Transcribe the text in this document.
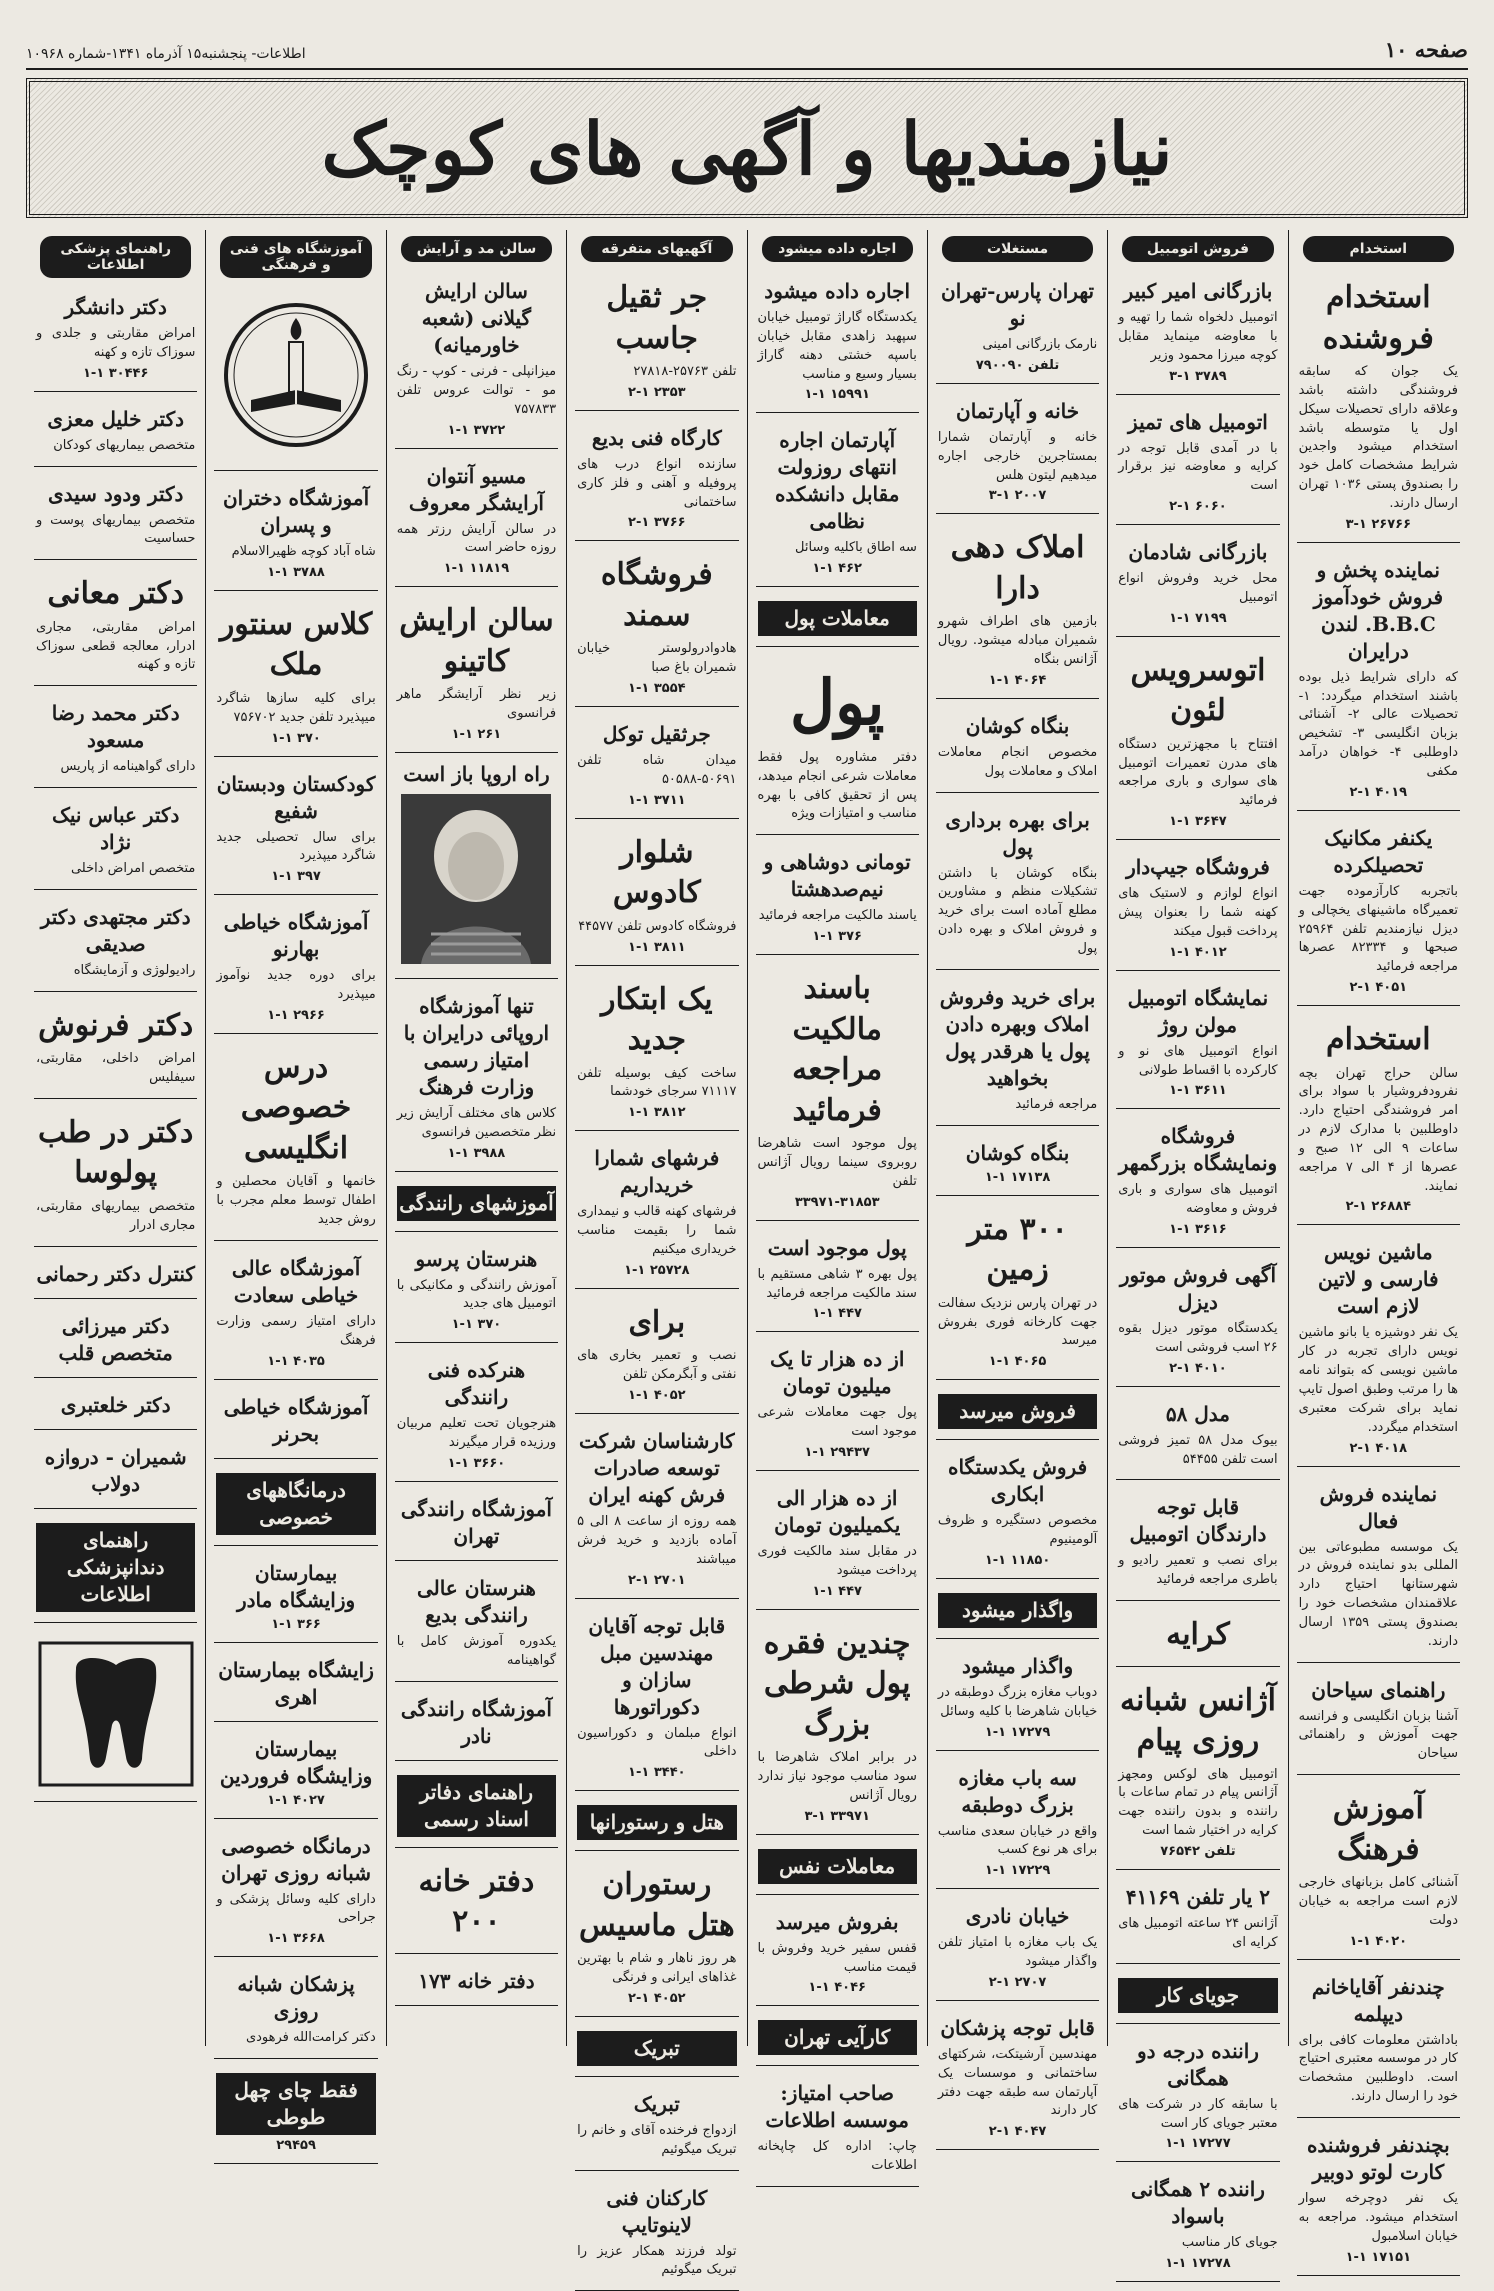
صفحه ۱۰
اطلاعات- پنجشنبه۱۵ آذرماه ۱۳۴۱-شماره ۱۰۹۶۸
نیازمندیها و آگهی های کوچک
استخدام
استخدام فروشنده
یک جوان که سابقه فروشندگی داشته باشد وعلاقه دارای تحصیلات سیکل اول یا متوسطه باشد استخدام میشود واجدین شرایط مشخصات کامل خود را بصندوق پستی ۱۰۳۶ تهران ارسال دارند.
۲۶۷۶۶ ۳-۱
نماینده پخش و فروش خودآموز B.B.C. لندن درایران
که دارای شرایط ذیل بوده باشند استخدام میگردد: ۱- تحصیلات عالی ۲- آشنائی بزبان انگلیسی ۳- تشخیص داوطلبی ۴- خواهان درآمد مکفی
۴۰۱۹ ۲-۱
یکنفر مکانیک تحصیلکرده
باتجربه کارآزموده جهت تعمیرگاه ماشینهای یخچالی و دیزل نیازمندیم تلفن ۲۵۹۶۴ صبحها و ۸۲۳۳۴ عصرها مراجعه فرمائید
۴۰۵۱ ۲-۱
استخدام
سالن حراج تهران بچه نفرودفروشیار با سواد برای امر فروشندگی احتیاج دارد. داوطلبین با مدارک لازم در ساعات ۹ الی ۱۲ صبح و عصرها از ۴ الی ۷ مراجعه نمایند.
۲۶۸۸۴ ۲-۱
ماشین نویس فارسی و لاتین لازم است
یک نفر دوشیزه یا بانو ماشین نویس دارای تجربه در کار ماشین نویسی که بتواند نامه ها را مرتب وطبق اصول تایپ نماید برای شرکت معتبری استخدام میگردد.
۴۰۱۸ ۲-۱
نماینده فروش فعال
یک موسسه مطبوعاتی بین المللی بدو نماینده فروش در شهرستانها احتیاج دارد علاقمندان مشخصات خود را بصندوق پستی ۱۳۵۹ ارسال دارند.
راهنمای سیاحان
آشنا بزبان انگلیسی و فرانسه جهت آموزش و راهنمائی سیاحان
آموزش فرهنگ
آشنائی کامل بزبانهای خارجی لازم است مراجعه به خیابان دولت
۴۰۲۰ ۱-۱
چندنفر آقایاخانم دیپلمه
باداشتن معلومات کافی برای کار در موسسه معتبری احتیاج است. داوطلبین مشخصات خود را ارسال دارند.
بچندنفر فروشنده کارت لوتو دوبیر
یک نفر دوچرخه سوار استخدام میشود. مراجعه به خیابان اسلامبول
۱۷۱۵۱ ۱-۱
فروش اتومبیل
بازرگانی امیر کبیر
اتومبیل دلخواه شما را تهیه و با معاوضه مینماید مقابل کوچه میرزا محمود وزیر
۳۷۸۹ ۳-۱
اتومبیل های تمیز
با در آمدی قابل توجه در کرایه و معاوضه نیز برقرار است
۶۰۶۰ ۲-۱
بازرگانی شادمان
محل خرید وفروش انواع اتومبیل
۷۱۹۹ ۱-۱
اتوسرویس لئون
افتتاح با مجهزترین دستگاه های مدرن تعمیرات اتومبیل های سواری و باری مراجعه فرمائید
۳۶۴۷ ۱-۱
فروشگاه جیپ‌دار
انواع لوازم و لاستیک های کهنه شما را بعنوان پیش پرداخت قبول میکند
۴۰۱۲ ۱-۱
نمایشگاه اتومبیل مولن روژ
انواع اتومبیل های نو و کارکرده با اقساط طولانی
۳۶۱۱ ۱-۱
فروشگاه ونمایشگاه بزرگمهر
اتومبیل های سواری و باری فروش و معاوضه
۳۶۱۶ ۱-۱
آگهی فروش موتور دیزل
یکدستگاه موتور دیزل بقوه ۲۶ اسب فروشی است
۴۰۱۰ ۲-۱
مدل ۵۸
بیوک مدل ۵۸ تمیز فروشی است تلفن ۵۴۴۵۵
قابل توجه دارندگان اتومبیل
برای نصب و تعمیر رادیو و باطری مراجعه فرمائید
کرایه
آژانس شبانه روزی پیام
اتومبیل های لوکس ومجهز آژانس پیام در تمام ساعات با راننده و بدون راننده جهت کرایه در اختیار شما است
تلفن ۷۶۵۴۲
۲ یار تلفن ۴۱۱۶۹
آژانس ۲۴ ساعته اتومبیل های کرایه ای
جویای کار
راننده درجه دو همگانی
با سابقه کار در شرکت های معتبر جویای کار است
۱۷۲۷۷ ۱-۱
راننده ۲ همگانی باسواد
جویای کار مناسب
۱۷۲۷۸ ۱-۱
مستغلات
تهران پارس-تهران نو
نارمک بازرگانی امینی
تلفن ۷۹۰۰۹۰
خانه و آپارتمان
خانه و آپارتمان شمارا بمستاجرین خارجی اجاره میدهیم لیتون هلس
۲۰۰۷ ۳-۱
املاک دهی دارا
بازمین های اطراف شهرو شمیران مبادله میشود. رویال آژانس بنگاه
۴۰۶۴ ۱-۱
بنگاه کوشان
مخصوص انجام معاملات املاک و معاملات پول
برای بهره برداری پول
بنگاه کوشان با داشتن تشکیلات منظم و مشاورین مطلع آماده است برای خرید و فروش املاک و بهره دادن پول
برای خرید وفروش املاک وبهره دادن پول یا هرقدر پول بخواهید
مراجعه فرمائید
بنگاه کوشان
۱۷۱۳۸ ۱-۱
۳۰۰ متر زمین
در تهران پارس نزدیک سفالت جهت کارخانه فوری بفروش میرسد
۴۰۶۵ ۱-۱
فروش میرسد
فروش یکدستگاه ابکاری
مخصوص دستگیره و ظروف آلومینیوم
۱۱۸۵۰ ۱-۱
واگذار میشود
واگذار میشود
دوباب مغازه بزرگ دوطبقه در خیابان شاهرضا با کلیه وسائل
۱۷۲۷۹ ۱-۱
سه باب مغازه بزرگ دوطبقه
واقع در خیابان سعدی مناسب برای هر نوع کسب
۱۷۲۲۹ ۱-۱
خیابان نادری
یک باب مغازه با امتیاز تلفن واگذار میشود
۲۷۰۷ ۲-۱
قابل توجه پزشکان
مهندسین آرشیتکت، شرکتهای ساختمانی و موسسات یک آپارتمان سه طبقه جهت دفتر کار دارند
۴۰۴۷ ۲-۱
اجاره داده میشود
اجاره داده میشود
یکدستگاه گاراژ تومبیل خیابان سپهبد زاهدی مقابل خیابان باسپه خشتی دهنه گاراژ بسیار وسیع و مناسب
۱۵۹۹۱ ۱-۱
آپارتمان اجاره انتهای روزولت مقابل دانشکده نظامی
سه اطاق باکلیه وسائل
۴۶۲ ۱-۱
معاملات پول
پول
دفتر مشاوره پول فقط معاملات شرعی انجام میدهد، پس از تحقیق کافی با بهره مناسب و امتیازات ویژه
تومانی دوشاهی و نیم‌صدهشتا
یاسند مالکیت مراجعه فرمائید
۳۷۶ ۱-۱
باسند مالکیت مراجعه فرمائید
پول موجود است شاهرضا روبروی سینما رویال آژانس تلفن
۳۳۹۷۱-۳۱۸۵۳
پول موجود است
پول بهره ۳ شاهی مستقیم با سند مالکیت مراجعه فرمائید
۴۴۷ ۱-۱
از ده هزار تا یک میلیون تومان
پول جهت معاملات شرعی موجود است
۲۹۴۳۷ ۱-۱
از ده هزار الی یکمیلیون تومان
در مقابل سند مالکیت فوری پرداخت میشود
۴۴۷ ۱-۱
چندین فقره پول شرطی بزرگ
در برابر املاک شاهرضا با سود مناسب موجود نیاز ندارد رویال آژانس
۳۳۹۷۱ ۳-۱
معاملات نفس
بفروش میرسد
قفس سفیر خرید وفروش با قیمت مناسب
۴۰۴۶ ۱-۱
کارآیی تهران
صاحب امتیاز: موسسه اطلاعات
چاپ: اداره کل چاپخانه اطلاعات
آگهیهای متفرقه
جر ثقیل جاسب
تلفن ۲۵۷۶۳-۲۷۸۱۸
۲۳۵۳ ۲-۱
کارگاه فنی بدیع
سازنده انواع درب های پروفیله و آهنی و فلز کاری ساختمانی
۳۷۶۶ ۲-۱
فروشگاه سمند
هادوادرولوستر خیابان شمیران باغ صبا
۳۵۵۴ ۱-۱
جرثقیل توکل
میدان شاه تلفن ۵۰۶۹۱-۵۰۵۸۸
۳۷۱۱ ۱-۱
شلوار کادوس
فروشگاه کادوس تلفن ۴۴۵۷۷
۳۸۱۱ ۱-۱
یک ابتکار جدید
ساخت کیف بوسیله تلفن ۷۱۱۱۷ سرجای خودشما
۳۸۱۲ ۱-۱
فرشهای شمارا خریداریم
فرشهای کهنه قالب و نیمداری شما را بقیمت مناسب خریداری میکنیم
۲۵۷۲۸ ۱-۱
برای
نصب و تعمیر بخاری های نفتی و آبگرمکن تلفن
۴۰۵۲ ۱-۱
کارشناسان شرکت توسعه صادرات فرش کهنه ایران
همه روزه از ساعت ۸ الی ۵ آماده بازدید و خرید فرش میباشند
۲۷۰۱ ۲-۱
قابل توجه آقایان مهندسین مبل سازان و دکوراتورها
انواع مبلمان و دکوراسیون داخلی
۳۴۴۰ ۱-۱
هتل و رستورانها
رستوران هتل ماسیس
هر روز ناهار و شام با بهترین غذاهای ایرانی و فرنگی
۴۰۵۲ ۲-۱
تبریک
تبریک
ازدواج فرخنده آقای و خانم را تبریک میگوئیم
کارکنان فنی لاینوتایپ
تولد فرزند همکار عزیز را تبریک میگوئیم
سالن مد و آرایش
سالن ارایش گیلانی (شعبه خاورمیانه)
میزانپلی - فرنی - کوپ - رنگ مو - توالت عروس تلفن ۷۵۷۸۳۳
۳۷۲۲ ۱-۱
مسیو آنتوان آرایشگر معروف
در سالن آرایش رزتر همه روزه حاضر است
۱۱۸۱۹ ۱-۱
سالن ارایش کاتینو
زیر نظر آرایشگر ماهر فرانسوی
۲۶۱ ۱-۱
راه اروپا باز است
تنها آموزشگاه اروپائی درایران با امتیاز رسمی وزارت فرهنگ
کلاس های مختلف آرایش زیر نظر متخصصین فرانسوی
۳۹۸۸ ۱-۱
آموزشهای رانندگی
هنرستان پرسو
آموزش رانندگی و مکانیکی با اتومبیل های جدید
۳۷۰ ۱-۱
هنرکده فنی رانندگی
هنرجویان تحت تعلیم مربیان ورزیده قرار میگیرند
۳۶۶۰ ۱-۱
آموزشگاه رانندگی تهران
هنرستان عالی رانندگی بدیع
یکدوره آموزش کامل با گواهینامه
آموزشگاه رانندگی نادر
راهنمای دفاتر اسناد رسمی
دفتر خانه ۲۰۰
دفتر خانه ۱۷۳
آموزشگاه های فنی و فرهنگی
آموزشگاه دختران و پسران
شاه آباد کوچه ظهیرالاسلام
۳۷۸۸ ۱-۱
کلاس سنتور ملک
برای کلیه سازها شاگرد میپذیرد تلفن جدید ۷۵۶۷۰۲
۳۷۰ ۱-۱
کودکستان ودبستان شفیع
برای سال تحصیلی جدید شاگرد میپذیرد
۳۹۷ ۱-۱
آموزشگاه خیاطی بهارنو
برای دوره جدید نوآموز میپذیرد
۲۹۶۶ ۱-۱
درس خصوصی انگلیسی
خانمها و آقایان محصلین و اطفال توسط معلم مجرب با روش جدید
آموزشگاه عالی خیاطی سعادت
دارای امتیاز رسمی وزارت فرهنگ
۴۰۳۵ ۱-۱
آموزشگاه خیاطی بحرنر
درمانگاههای خصوصی
بیمارستان وزایشگاه مادر
۳۶۶ ۱-۱
زایشگاه بیمارستان اهری
بیمارستان وزایشگاه فروردین
۴۰۲۷ ۱-۱
درمانگاه خصوصی شبانه روزی تهران
دارای کلیه وسائل پزشکی و جراحی
۳۶۶۸ ۱-۱
پزشکان شبانه روزی
دکتر کرامت‌الله فرهودی
فقط چای چهل طوطی
۲۹۴۵۹
راهنمای پزشکی اطلاعات
دکتر دانشگر
امراض مقاربتی و جلدی و سوزاک تازه و کهنه
۳۰۴۴۶ ۱-۱
دکتر خلیل معزی
متخصص بیماریهای کودکان
دکتر ودود سیدی
متخصص بیماریهای پوست و حساسیت
دکتر معانی
امراض مقاربتی، مجاری ادرار، معالجه قطعی سوزاک تازه و کهنه
دکتر محمد رضا مسعود
دارای گواهینامه از پاریس
دکتر عباس نیک نژاد
متخصص امراض داخلی
دکتر مجتهدی دکتر صدیقی
رادیولوژی و آزمایشگاه
دکتر فرنوش
امراض داخلی، مقاربتی، سیفلیس
دکتر در طب پولوسا
متخصص بیماریهای مقاربتی، مجاری ادرار
کنترل دکتر رحمانی
دکتر میرزائی متخصص قلب
دکتر خلعتبری
شمیران - دروازه دولاب
راهنمای دندانپزشکی اطلاعات
